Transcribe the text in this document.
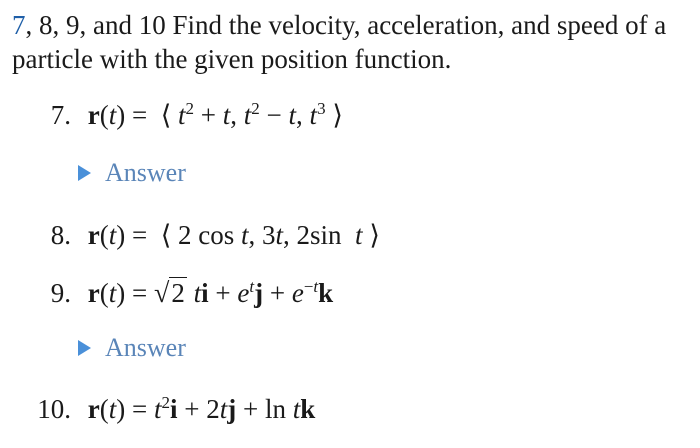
7, 8, 9, and 10 Find the velocity, acceleration, and speed of a particle with the given position function.
7. r(t) =  ⟨ $t^2 + t$, $t^2 - t$, $t^3$ ⟩
Answer
8. r(t) =  ⟨ 2 cos t, 3t, 2sin  t ⟩
9. r(t) = √2 ti + $e^tj + e^{-t}k$
Answer
10. $r(t) = t^2i + 2tj + \ln$ tk
